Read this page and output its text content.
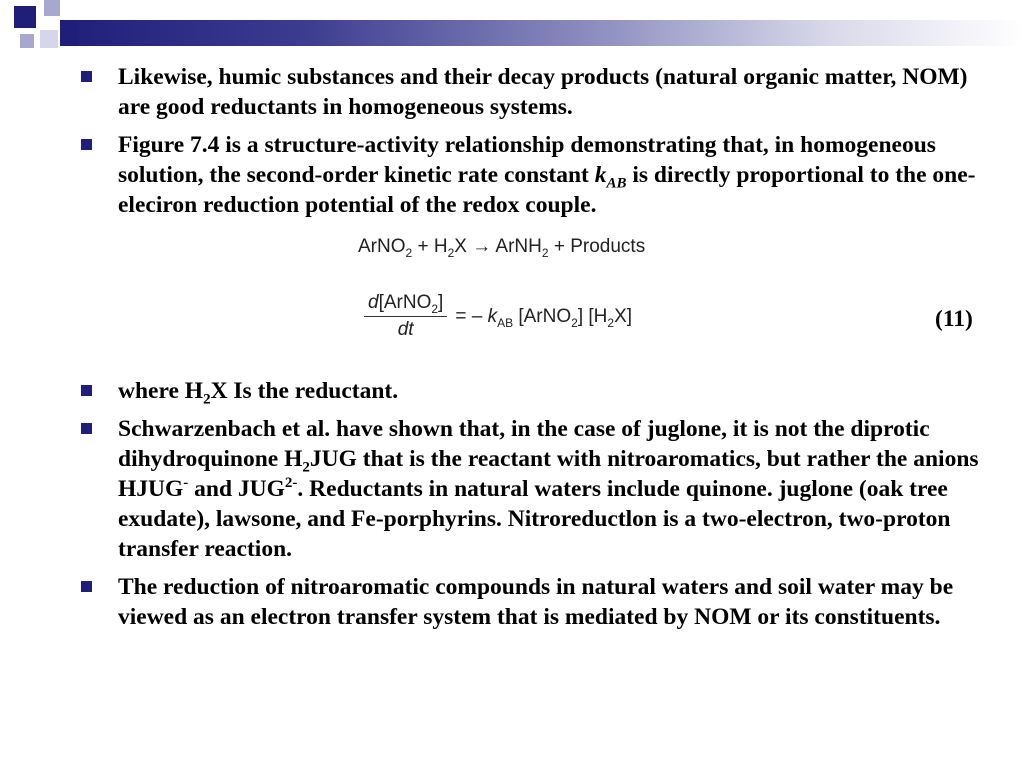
Likewise, humic substances and their decay products (natural organic matter, NOM) are good reductants in homogeneous systems.
Figure 7.4 is a structure-activity relationship demonstrating that, in homogeneous solution, the second-order kinetic rate constant $k_{AB}$ is directly proportional to the one-eleciron reduction potential of the redox couple.
ArNO$_2$ + $H_2X$ → ArNH$_2$ + Products
$\frac{d[ArNO_2]}{dt}$ = – $k_{AB}$ [ArNO$_2$] $[H_2X]$	(11)
where $H_2X$ Is the reductant.
Schwarzenbach et al. have shown that, in the case of juglone, it is not the diprotic dihydroquinone $H_2JUG$ that is the reactant with nitroaromatics, but rather the anions HJUG- and $JUG^{2-}$. Reductants in natural waters include quinone. juglone (oak tree exudate), lawsone, and Fe-porphyrins. Nitroreductlon is a two-electron, two-proton transfer reaction.
The reduction of nitroaromatic compounds in natural waters and soil water may be viewed as an electron transfer system that is mediated by NOM or its constituents.
